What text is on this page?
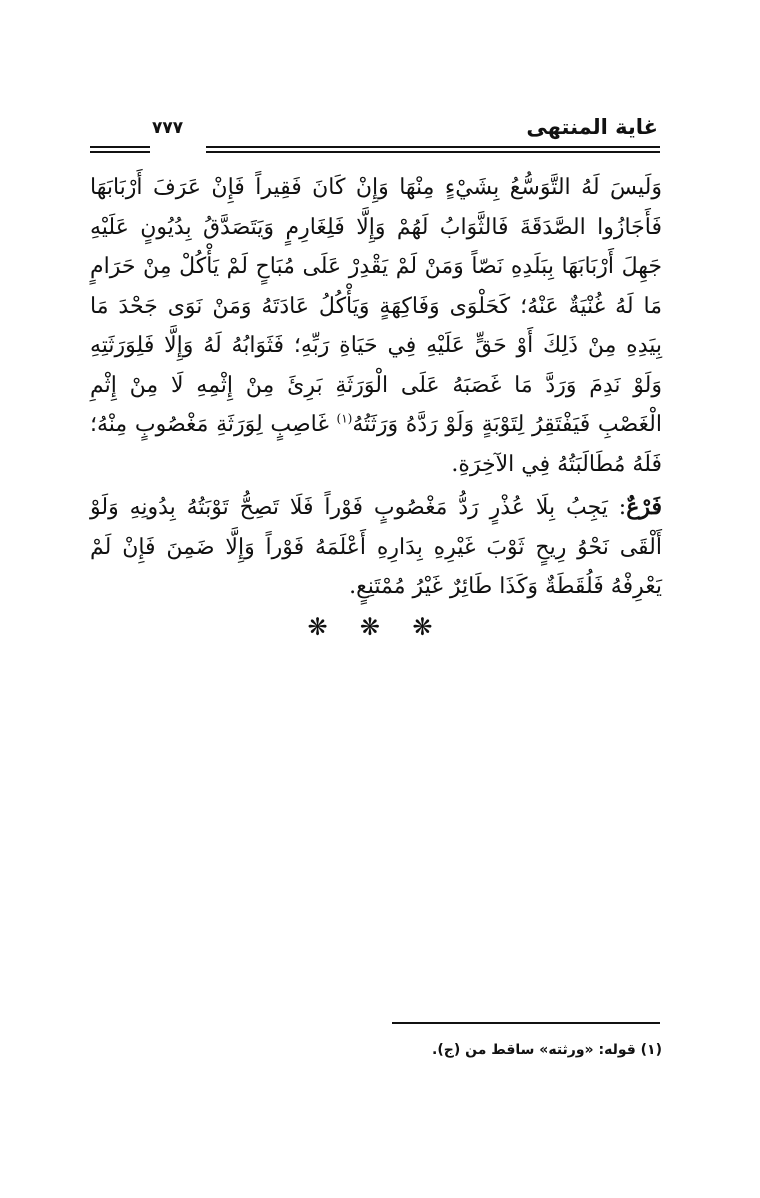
غاية المنتهى
٧٧٧

وَلَيسَ لَهُ التَّوَسُّعُ بِشَيْءٍ مِنْهَا وَإِنْ كَانَ فَقِيراً فَإِنْ عَرَفَ أَرْبَابَهَا فَأَجَازُوا الصَّدَقَةَ فَالثَّوَابُ لَهُمْ وَإِلَّا فَلِغَارِمٍ وَيَتَصَدَّقُ بِدُيُونٍ عَلَيْهِ جَهِلَ أَرْبَابَهَا بِبَلَدِهِ نَصّاً وَمَنْ لَمْ يَقْدِرْ عَلَى مُبَاحٍ لَمْ يَأْكُلْ مِنْ حَرَامٍ مَا لَهُ غُنْيَةٌ عَنْهُ؛ كَحَلْوَى وَفَاكِهَةٍ وَيَأْكُلُ عَادَتَهُ وَمَنْ نَوَى جَحْدَ مَا بِيَدِهِ مِنْ ذَلِكَ أَوْ حَقٍّ عَلَيْهِ فِي حَيَاةِ رَبِّهِ؛ فَثَوَابُهُ لَهُ وَإِلَّا فَلِوَرَثَتِهِ وَلَوْ نَدِمَ وَرَدَّ مَا غَصَبَهُ عَلَى الْوَرَثَةِ بَرِئَ مِنْ إِثْمِهِ لَا مِنْ إِثْمِ الْغَصْبِ فَيَفْتَقِرُ لِتَوْبَةٍ وَلَوْ رَدَّهُ وَرَثَتُهُ$^{(١)}$ غَاصِبٍ لِوَرَثَةِ مَغْصُوبٍ مِنْهُ؛ فَلَهُ مُطَالَبَتُهُ فِي الآخِرَةِ.

فَرْعٌ: يَجِبُ بِلَا عُذْرٍ رَدُّ مَغْصُوبٍ فَوْراً فَلَا تَصِحُّ تَوْبَتُهُ بِدُونِهِ وَلَوْ أَلْقَى نَحْوُ رِيحٍ ثَوْبَ غَيْرِهِ بِدَارِهِ أَعْلَمَهُ فَوْراً وَإِلَّا ضَمِنَ فَإِنْ لَمْ يَعْرِفْهُ فَلُقَطَةٌ وَكَذَا طَائِرٌ غَيْرُ مُمْتَنِعٍ.

❋ ❋ ❋
(١) قوله: «ورثته» ساقط من (ج).
